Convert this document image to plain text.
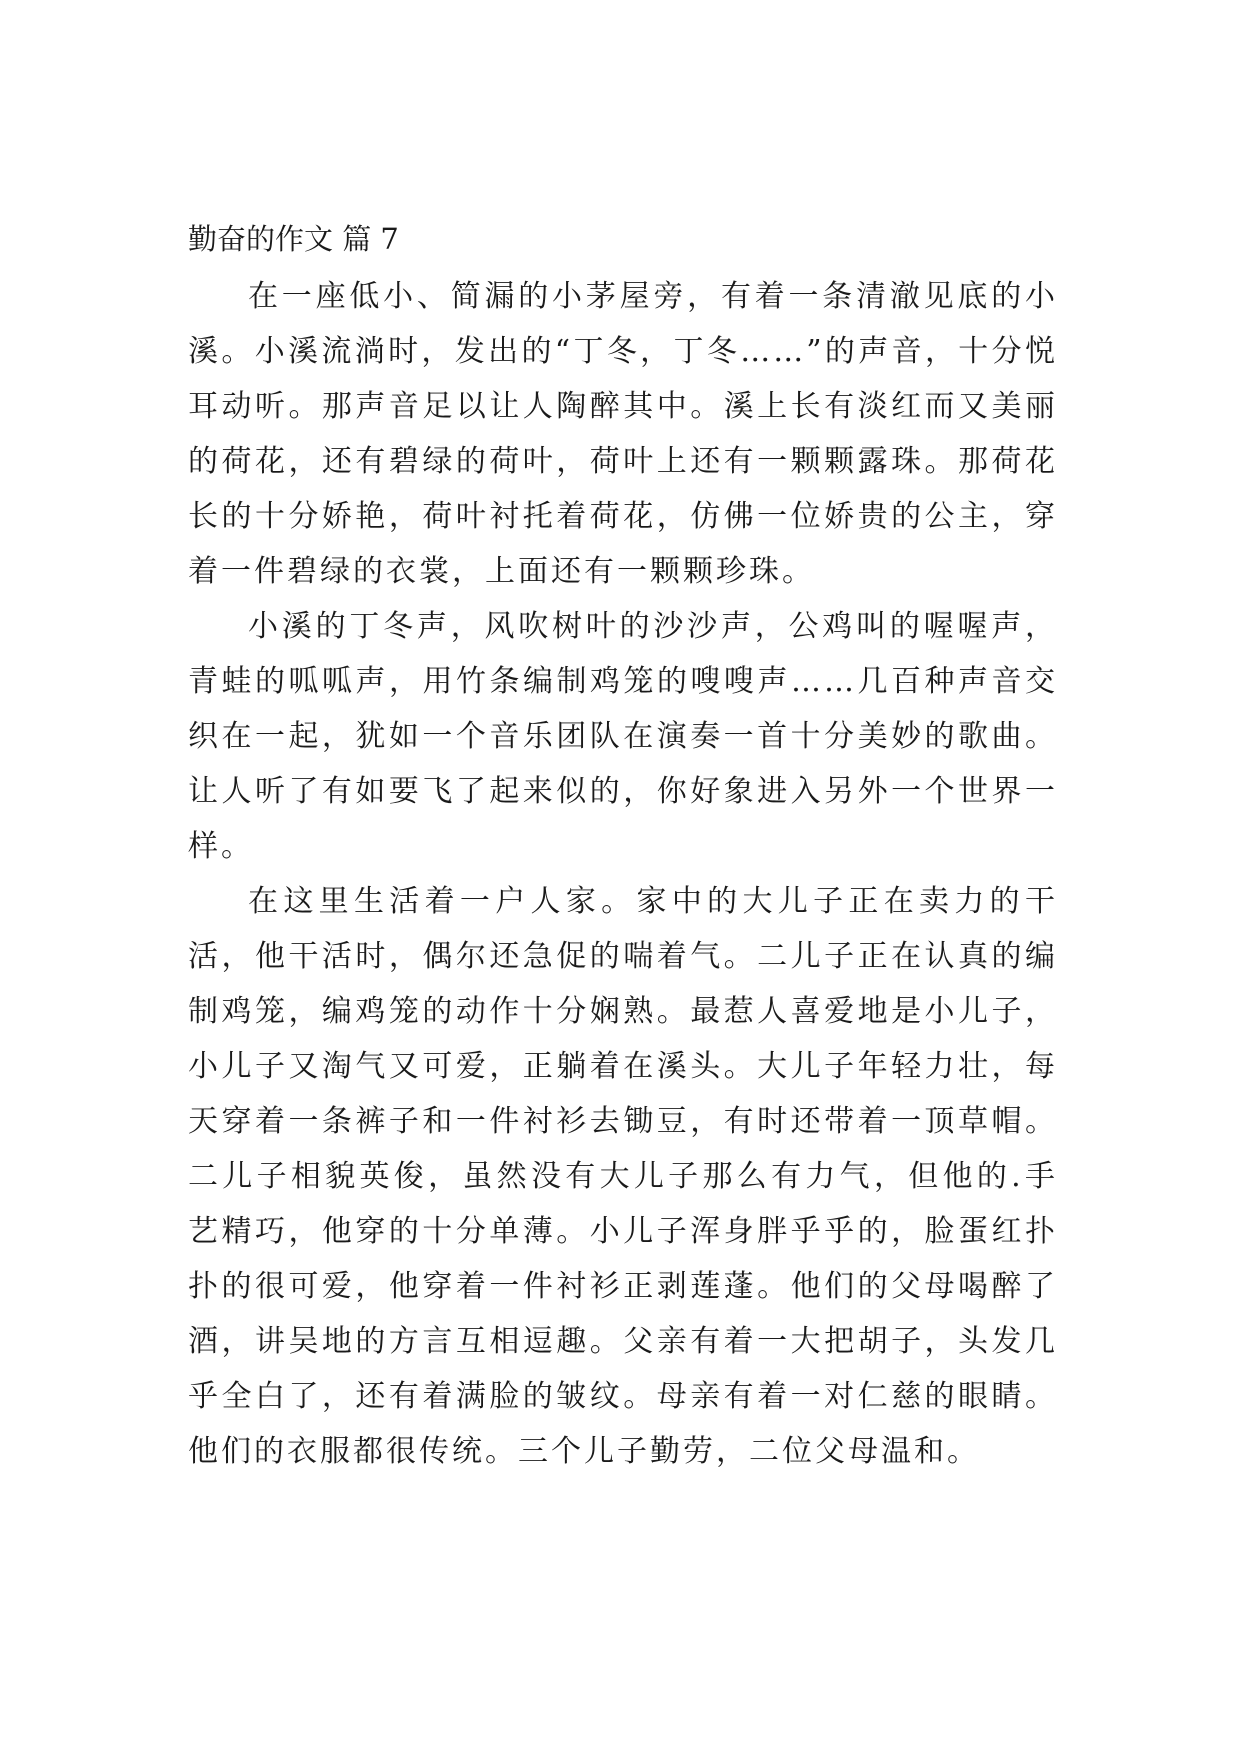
勤奋的作文 篇 7

在一座低小、简漏的小茅屋旁，有着一条清澈见底的小溪。小溪流淌时，发出的“丁冬，丁冬……”的声音，十分悦耳动听。那声音足以让人陶醉其中。溪上长有淡红而又美丽的荷花，还有碧绿的荷叶，荷叶上还有一颗颗露珠。那荷花长的十分娇艳，荷叶衬托着荷花，仿佛一位娇贵的公主，穿着一件碧绿的衣裳，上面还有一颗颗珍珠。

小溪的丁冬声，风吹树叶的沙沙声，公鸡叫的喔喔声，青蛙的呱呱声，用竹条编制鸡笼的嗖嗖声……几百种声音交织在一起，犹如一个音乐团队在演奏一首十分美妙的歌曲。让人听了有如要飞了起来似的，你好象进入另外一个世界一样。

在这里生活着一户人家。家中的大儿子正在卖力的干活，他干活时，偶尔还急促的喘着气。二儿子正在认真的编制鸡笼，编鸡笼的动作十分娴熟。最惹人喜爱地是小儿子，小儿子又淘气又可爱，正躺着在溪头。大儿子年轻力壮，每天穿着一条裤子和一件衬衫去锄豆，有时还带着一顶草帽。二儿子相貌英俊，虽然没有大儿子那么有力气，但他的.手艺精巧，他穿的十分单薄。小儿子浑身胖乎乎的，脸蛋红扑扑的很可爱，他穿着一件衬衫正剥莲蓬。他们的父母喝醉了酒，讲吴地的方言互相逗趣。父亲有着一大把胡子，头发几乎全白了，还有着满脸的皱纹。母亲有着一对仁慈的眼睛。他们的衣服都很传统。三个儿子勤劳，二位父母温和。
